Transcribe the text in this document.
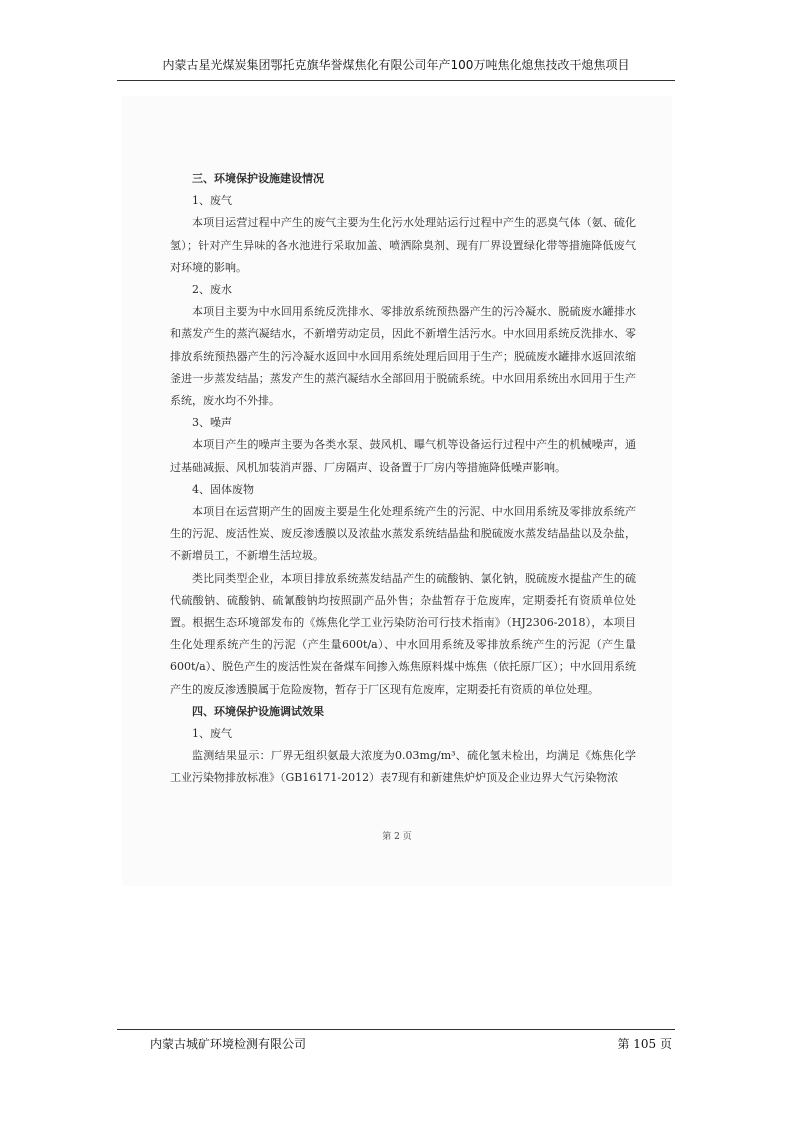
内蒙古星光煤炭集团鄂托克旗华誉煤焦化有限公司年产100万吨焦化熄焦技改干熄焦项目
三、环境保护设施建设情况
1、废气

本项目运营过程中产生的废气主要为生化污水处理站运行过程中产生的恶臭气体（氨、硫化氢）；针对产生异味的各水池进行采取加盖、喷洒除臭剂、现有厂界设置绿化带等措施降低废气对环境的影响。

2、废水

本项目主要为中水回用系统反洗排水、零排放系统预热器产生的污冷凝水、脱硫废水罐排水和蒸发产生的蒸汽凝结水，不新增劳动定员，因此不新增生活污水。中水回用系统反洗排水、零排放系统预热器产生的污冷凝水返回中水回用系统处理后回用于生产；脱硫废水罐排水返回浓缩釜进一步蒸发结晶；蒸发产生的蒸汽凝结水全部回用于脱硫系统。中水回用系统出水回用于生产系统，废水均不外排。

3、噪声

本项目产生的噪声主要为各类水泵、鼓风机、曝气机等设备运行过程中产生的机械噪声，通过基础减振、风机加装消声器、厂房隔声、设备置于厂房内等措施降低噪声影响。

4、固体废物

本项目在运营期产生的固废主要是生化处理系统产生的污泥、中水回用系统及零排放系统产生的污泥、废活性炭、废反渗透膜以及浓盐水蒸发系统结晶盐和脱硫废水蒸发结晶盐以及杂盐，不新增员工，不新增生活垃圾。

类比同类型企业，本项目排放系统蒸发结晶产生的硫酸钠、氯化钠，脱硫废水提盐产生的硫代硫酸钠、硫酸钠、硫氰酸钠均按照副产品外售；杂盐暂存于危废库，定期委托有资质单位处置。根据生态环境部发布的《炼焦化学工业污染防治可行技术指南》（HJ2306-2018），本项目生化处理系统产生的污泥（产生量600t/a）、中水回用系统及零排放系统产生的污泥（产生量600t/a）、脱色产生的废活性炭在备煤车间掺入炼焦原料煤中炼焦（依托原厂区）；中水回用系统产生的废反渗透膜属于危险废物，暂存于厂区现有危废库，定期委托有资质的单位处理。

四、环境保护设施调试效果
1、废气

监测结果显示：厂界无组织氨最大浓度为0.03mg/m³、硫化氢未检出，均满足《炼焦化学工业污染物排放标准》（GB16171-2012）表7现有和新建焦炉炉顶及企业边界大气污染物浓

第 2 页
内蒙古城矿环境检测有限公司	第 105 页
